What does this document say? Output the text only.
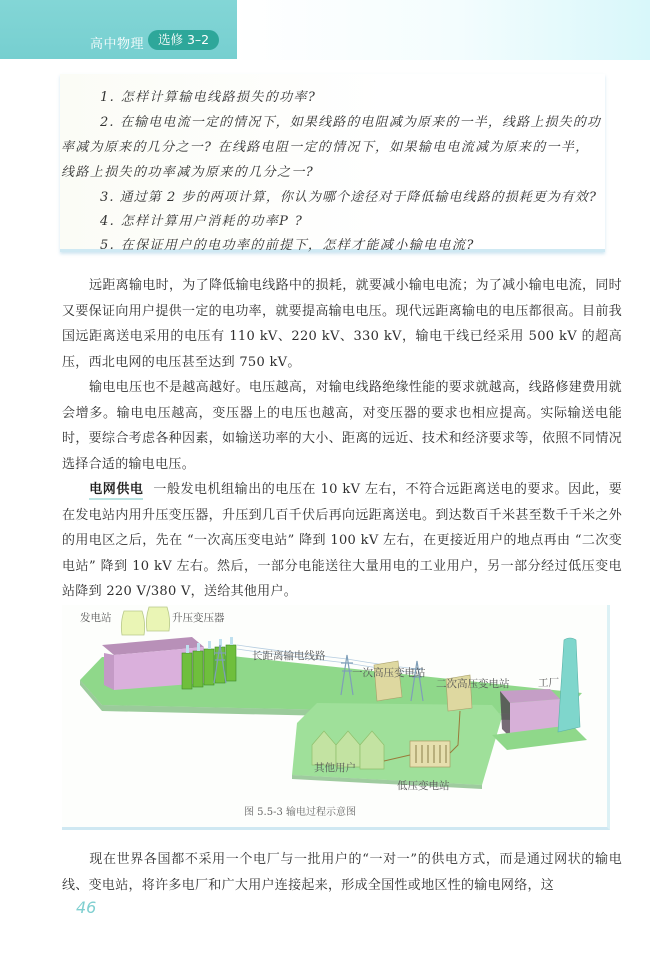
高中物理	选修 3–2
1. 怎样计算输电线路损失的功率?
2. 在输电电流一定的情况下，如果线路的电阻减为原来的一半，线路上损失的功
率减为原来的几分之一? 在线路电阻一定的情况下，如果输电电流减为原来的一半，
线路上损失的功率减为原来的几分之一?
3. 通过第 2 步的两项计算，你认为哪个途径对于降低输电线路的损耗更为有效?
4. 怎样计算用户消耗的功率P ?
5. 在保证用户的电功率的前提下，怎样才能减小输电电流?
远距离输电时，为了降低输电线路中的损耗，就要减小输电电流；为了减小输电电流，同时又要保证向用户提供一定的电功率，就要提高输电电压。现代远距离输电的电压都很高。目前我国远距离送电采用的电压有 110 kV、220 kV、330 kV，输电干线已经采用 500 kV 的超高压，西北电网的电压甚至达到 750 kV。
输电电压也不是越高越好。电压越高，对输电线路绝缘性能的要求就越高，线路修建费用就会增多。输电电压越高，变压器上的电压也越高，对变压器的要求也相应提高。实际输送电能时，要综合考虑各种因素，如输送功率的大小、距离的远近、技术和经济要求等，依照不同情况选择合适的输电电压。
电网供电 一般发电机组输出的电压在 10 kV 左右，不符合远距离送电的要求。因此，要在发电站内用升压变压器，升压到几百千伏后再向远距离送电。到达数百千米甚至数千千米之外的用电区之后，先在 “一次高压变电站” 降到 100 kV 左右，在更接近用户的地点再由 “二次变电站” 降到 10 kV 左右。然后，一部分电能送往大量用电的工业用户，另一部分经过低压变电站降到 220 V/380 V，送给其他用户。
发电站	升压变压器
长距离输电线路
一次高压变电站
二次高压变电站	工厂
其他用户
低压变电站
图 5.5-3 输电过程示意图
现在世界各国都不采用一个电厂与一批用户的“一对一”的供电方式，而是通过网状的输电线、变电站，将许多电厂和广大用户连接起来，形成全国性或地区性的输电网络，这
46
